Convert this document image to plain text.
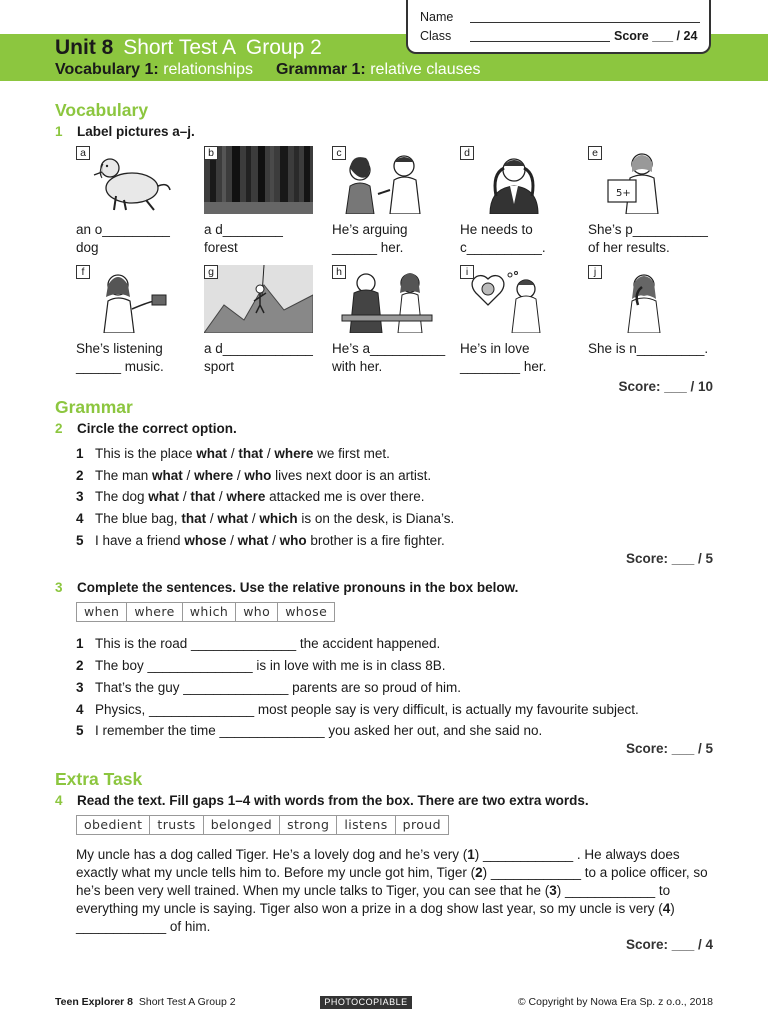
Unit 8 Short Test A Group 2
Vocabulary 1: relationships Grammar 1: relative clauses
Name
Class	Score ___ / 24
Vocabulary
1 Label pictures a–j.
a	b	c	d	e
5+
an o_________
dog
a d________
forest
He’s arguing
______ her.
He needs to
c__________.
She’s p__________
of her results.
f	g	h	i	j
She’s listening
______ music.
a d____________
sport
He’s a__________
with her.
He’s in love
________ her.
She is n_________.
Score: ___ / 10
Grammar
2 Circle the correct option.
1 This is the place what / that / where we first met.
2 The man what / where / who lives next door is an artist.
3 The dog what / that / where attacked me is over there.
4 The blue bag, that / what / which is on the desk, is Diana’s.
5 I have a friend whose / what / who brother is a fire fighter.
Score: ___ / 5
3 Complete the sentences. Use the relative pronouns in the box below.
when	where	which	who	whose
1 This is the road ______________ the accident happened.
2 The boy ______________ is in love with me is in class 8B.
3 That’s the guy ______________ parents are so proud of him.
4 Physics, ______________ most people say is very difficult, is actually my favourite subject.
5 I remember the time ______________ you asked her out, and she said no.
Score: ___ / 5
Extra Task
4 Read the text. Fill gaps 1–4 with words from the box. There are two extra words.
obedient	trusts	belonged	strong	listens	proud
My uncle has a dog called Tiger. He’s a lovely dog and he’s very (1) ____________ . He always does exactly what my uncle tells him to. Before my uncle got him, Tiger (2) ____________ to a police officer, so he’s been very well trained. When my uncle talks to Tiger, you can see that he (3) ____________ to everything my uncle is saying. Tiger also won a prize in a dog show last year, so my uncle is very (4) ____________ of him.
Score: ___ / 4
Teen Explorer 8 Short Test A Group 2	PHOTOCOPIABLE	© Copyright by Nowa Era Sp. z o.o., 2018
